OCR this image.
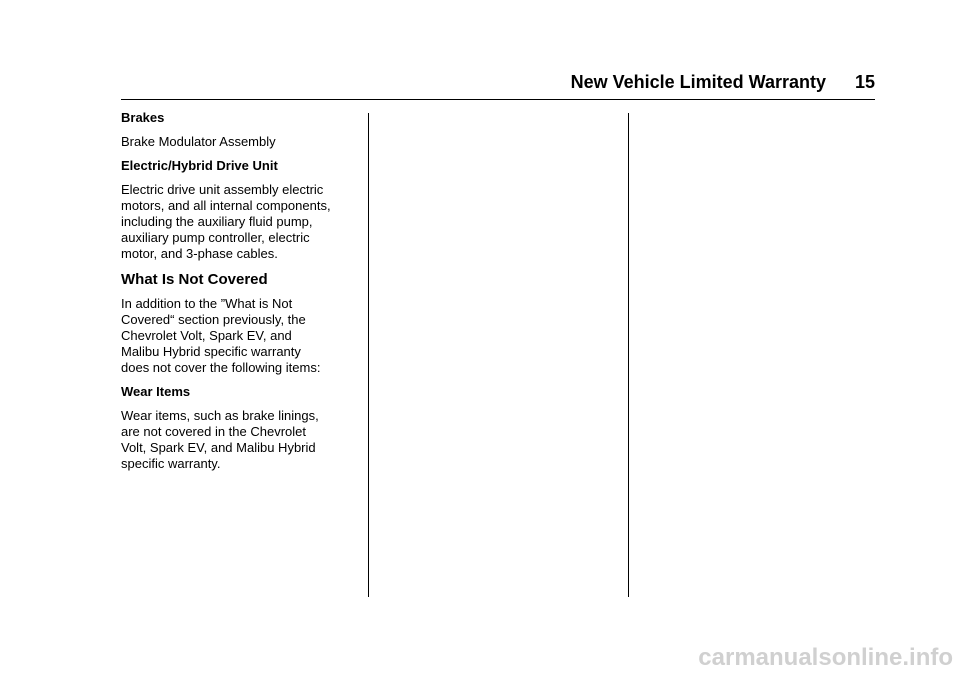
New Vehicle Limited Warranty	15
Brakes
Brake Modulator Assembly
Electric/Hybrid Drive Unit
Electric drive unit assembly electric
motors, and all internal components,
including the auxiliary fluid pump,
auxiliary pump controller, electric
motor, and 3-phase cables.
What Is Not Covered
In addition to the ”What is Not
Covered“ section previously, the
Chevrolet Volt, Spark EV, and
Malibu Hybrid specific warranty
does not cover the following items:
Wear Items
Wear items, such as brake linings,
are not covered in the Chevrolet
Volt, Spark EV, and Malibu Hybrid
specific warranty.
carmanualsonline.info
